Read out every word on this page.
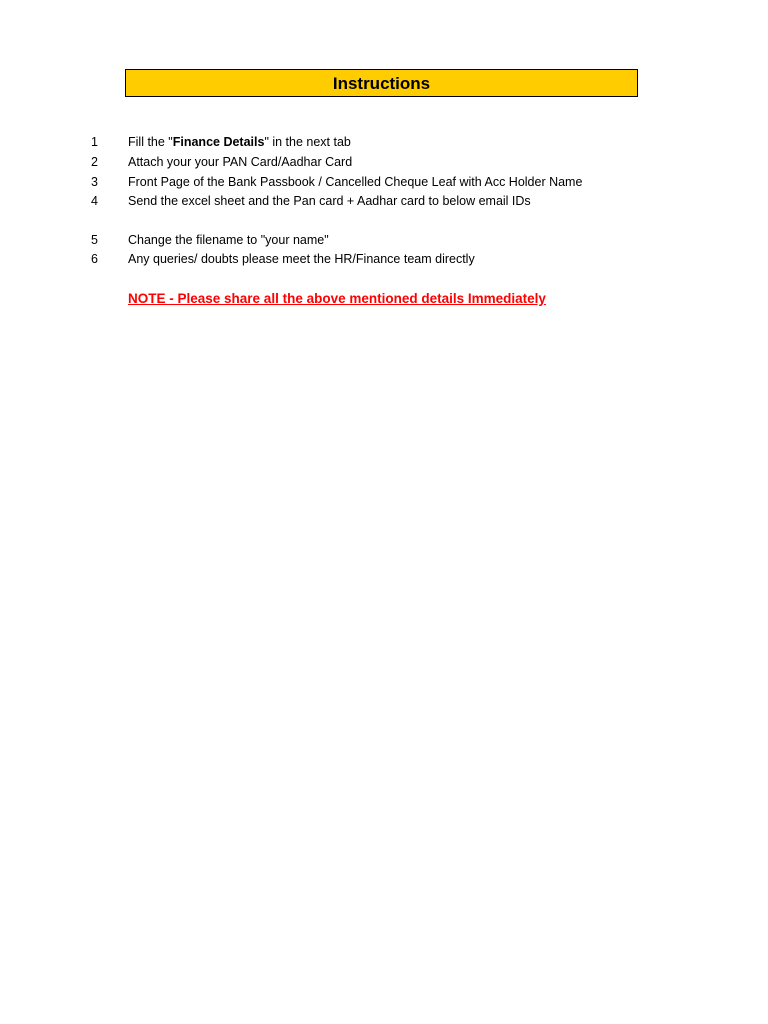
Instructions
1 Fill the "Finance Details" in the next tab
2 Attach your your PAN Card/Aadhar Card
3 Front Page of the Bank Passbook / Cancelled Cheque Leaf with Acc Holder Name
4 Send the excel sheet and the Pan card + Aadhar card to below email IDs
5 Change the filename to "your name"
6 Any queries/ doubts please meet the HR/Finance team directly
NOTE - Please share all the above mentioned details Immediately
